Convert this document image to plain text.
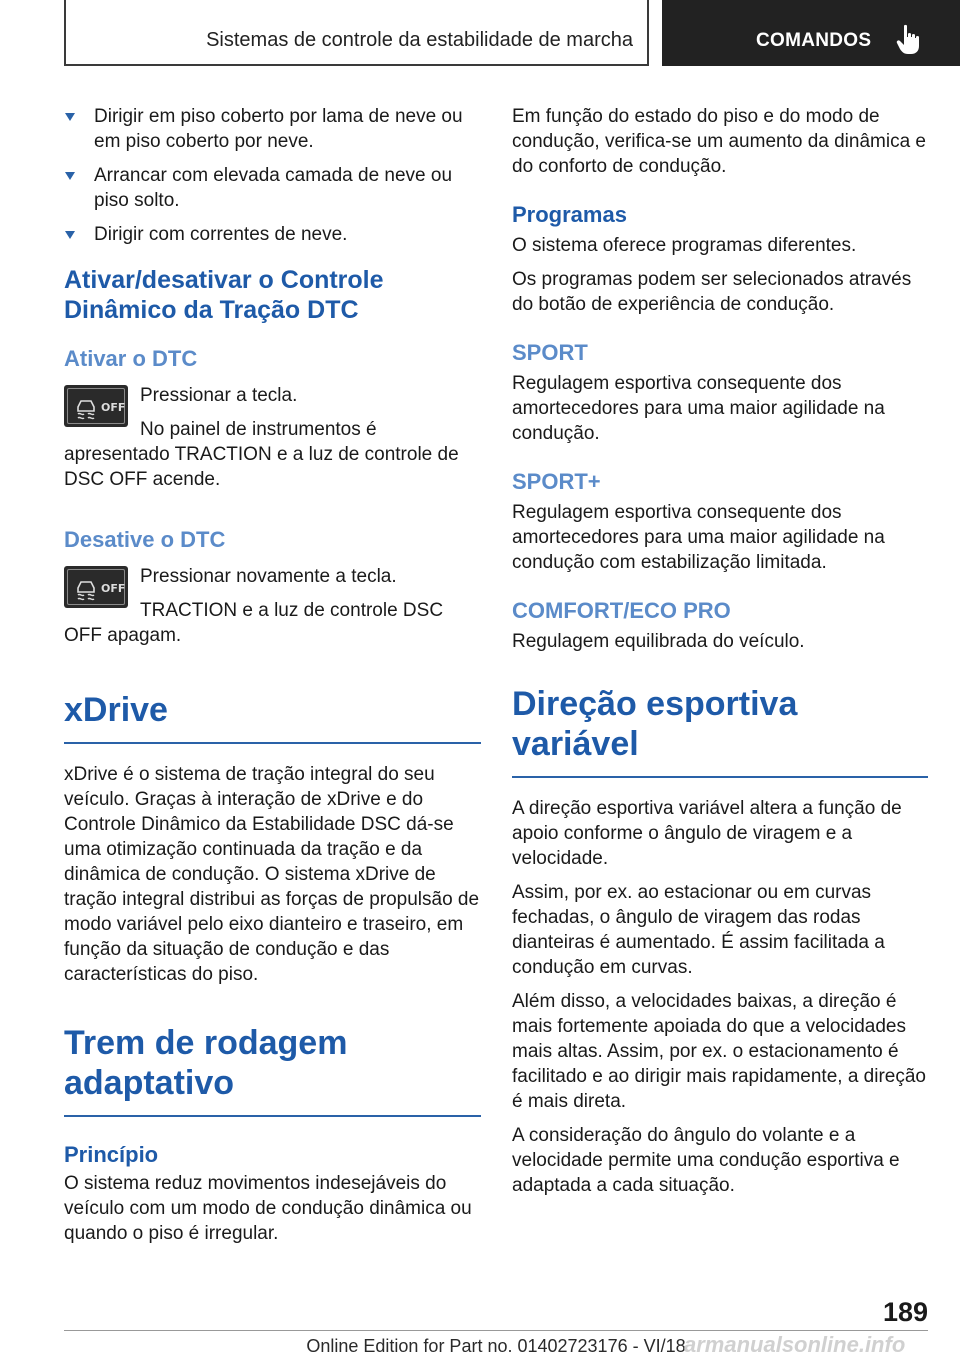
Sistemas de controle da estabilidade de marcha	COMANDOS
Dirigir em piso coberto por lama de neve ou em piso coberto por neve.
Arrancar com elevada camada de neve ou piso solto.
Dirigir com correntes de neve.
Ativar/desativar o Controle Dinâmico da Tração DTC
Ativar o DTC
OFF

Pressionar a tecla.

No painel de instrumentos é apresentado TRACTION e a luz de controle de DSC OFF acende.

Desative o DTC
OFF

Pressionar novamente a tecla.

TRACTION e a luz de controle DSC OFF apagam.

xDrive

xDrive é o sistema de tração integral do seu veículo. Graças à interação de xDrive e do Controle Dinâmico da Estabilidade DSC dá-se uma otimização continuada da tração e da dinâmica de condução. O sistema xDrive de tração integral distribui as forças de propulsão de modo variável pelo eixo dianteiro e traseiro, em função da situação de condução e das características do piso.

Trem de rodagem adaptativo
Princípio

O sistema reduz movimentos indesejáveis do veículo com um modo de condução dinâmica ou quando o piso é irregular.

Em função do estado do piso e do modo de condução, verifica-se um aumento da dinâmica e do conforto de condução.

Programas

O sistema oferece programas diferentes.

Os programas podem ser selecionados através do botão de experiência de condução.

SPORT

Regulagem esportiva consequente dos amortecedores para uma maior agilidade na condução.

SPORT+

Regulagem esportiva consequente dos amortecedores para uma maior agilidade na condução com estabilização limitada.

COMFORT/ECO PRO

Regulagem equilibrada do veículo.

Direção esportiva variável

A direção esportiva variável altera a função de apoio conforme o ângulo de viragem e a velocidade.

Assim, por ex. ao estacionar ou em curvas fechadas, o ângulo de viragem das rodas dianteiras é aumentado. É assim facilitada a condução em curvas.

Além disso, a velocidades baixas, a direção é mais fortemente apoiada do que a velocidades mais altas. Assim, por ex. o estacionamento é facilitado e ao dirigir mais rapidamente, a direção é mais direta.

A consideração do ângulo do volante e a velocidade permite uma condução esportiva e adaptada a cada situação.

189
Online Edition for Part no. 01402723176 - VI/18
armanualsonline.info
